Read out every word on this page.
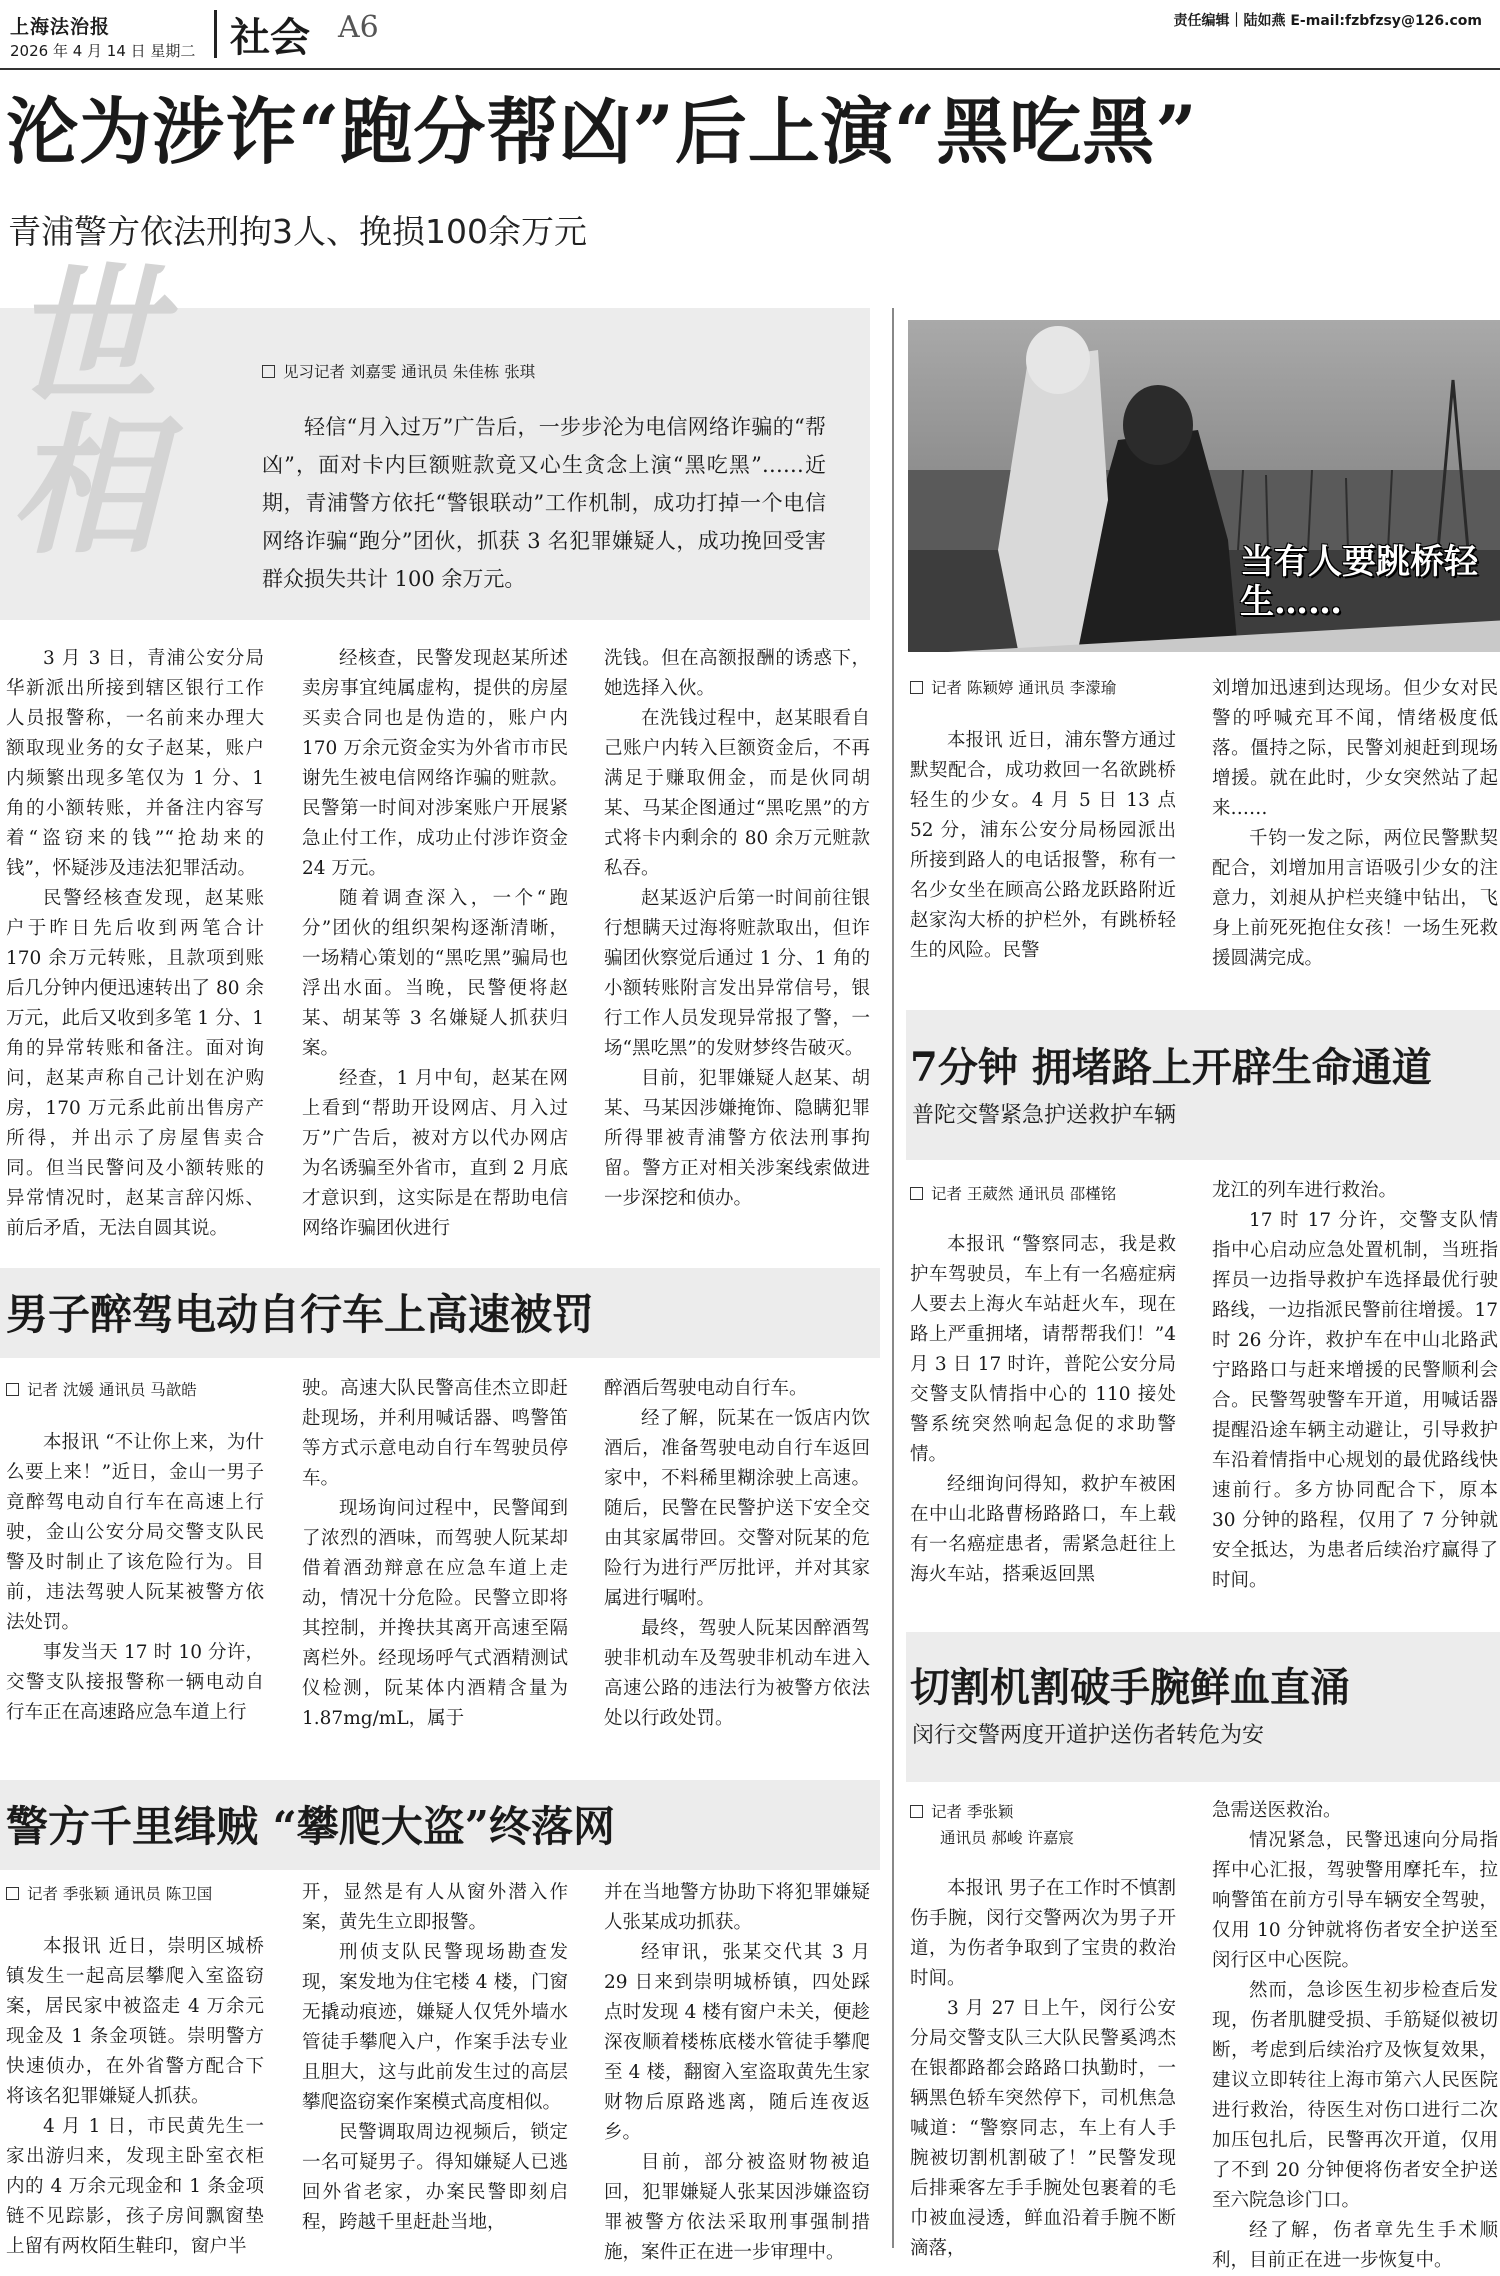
上海法治报
2026 年 4 月 14 日 星期二 社会 A6	责任编辑｜陆如燕 E-mail:fzbfzsy@126.com
沦为涉诈“跑分帮凶”后上演“黑吃黑”
青浦警方依法刑拘3人、挽损100余万元
世相
见习记者 刘嘉雯 通讯员 朱佳栋 张琪

轻信“月入过万”广告后，一步步沦为电信网络诈骗的“帮凶”，面对卡内巨额赃款竟又心生贪念上演“黑吃黑”……近期，青浦警方依托“警银联动”工作机制，成功打掉一个电信网络诈骗“跑分”团伙，抓获 3 名犯罪嫌疑人，成功挽回受害群众损失共计 100 余万元。

3 月 3 日，青浦公安分局华新派出所接到辖区银行工作人员报警称，一名前来办理大额取现业务的女子赵某，账户内频繁出现多笔仅为 1 分、1 角的小额转账，并备注内容写着“盗窃来的钱”“抢劫来的钱”，怀疑涉及违法犯罪活动。

民警经核查发现，赵某账户于昨日先后收到两笔合计 170 余万元转账，且款项到账后几分钟内便迅速转出了 80 余万元，此后又收到多笔 1 分、1 角的异常转账和备注。面对询问，赵某声称自己计划在沪购房，170 万元系此前出售房产所得，并出示了房屋售卖合同。但当民警问及小额转账的异常情况时，赵某言辞闪烁、前后矛盾，无法自圆其说。

经核查，民警发现赵某所述卖房事宜纯属虚构，提供的房屋买卖合同也是伪造的，账户内 170 万余元资金实为外省市市民谢先生被电信网络诈骗的赃款。民警第一时间对涉案账户开展紧急止付工作，成功止付涉诈资金 24 万元。

随着调查深入，一个“跑分”团伙的组织架构逐渐清晰，一场精心策划的“黑吃黑”骗局也浮出水面。当晚，民警便将赵某、胡某等 3 名嫌疑人抓获归案。

经查，1 月中旬，赵某在网上看到“帮助开设网店、月入过万”广告后，被对方以代办网店为名诱骗至外省市，直到 2 月底才意识到，这实际是在帮助电信网络诈骗团伙进行

洗钱。但在高额报酬的诱惑下，她选择入伙。

在洗钱过程中，赵某眼看自己账户内转入巨额资金后，不再满足于赚取佣金，而是伙同胡某、马某企图通过“黑吃黑”的方式将卡内剩余的 80 余万元赃款私吞。

赵某返沪后第一时间前往银行想瞒天过海将赃款取出，但诈骗团伙察觉后通过 1 分、1 角的小额转账附言发出异常信号，银行工作人员发现异常报了警，一场“黑吃黑”的发财梦终告破灭。

目前，犯罪嫌疑人赵某、胡某、马某因涉嫌掩饰、隐瞒犯罪所得罪被青浦警方依法刑事拘留。警方正对相关涉案线索做进一步深挖和侦办。

当有人要跳桥轻生……
记者 陈颖婷 通讯员 李濛瑜

本报讯 近日，浦东警方通过默契配合，成功救回一名欲跳桥轻生的少女。4 月 5 日 13 点 52 分，浦东公安分局杨园派出所接到路人的电话报警，称有一名少女坐在顾高公路龙跃路附近赵家沟大桥的护栏外，有跳桥轻生的风险。民警

刘增加迅速到达现场。但少女对民警的呼喊充耳不闻，情绪极度低落。僵持之际，民警刘昶赶到现场增援。就在此时，少女突然站了起来……

千钧一发之际，两位民警默契配合，刘增加用言语吸引少女的注意力，刘昶从护栏夹缝中钻出，飞身上前死死抱住女孩！一场生死救援圆满完成。

7分钟 拥堵路上开辟生命通道
普陀交警紧急护送救护车辆
记者 王葳然 通讯员 邵槿铭

本报讯 “警察同志，我是救护车驾驶员，车上有一名癌症病人要去上海火车站赶火车，现在路上严重拥堵，请帮帮我们！”4 月 3 日 17 时许，普陀公安分局交警支队情指中心的 110 接处警系统突然响起急促的求助警情。

经细询问得知，救护车被困在中山北路曹杨路路口，车上载有一名癌症患者，需紧急赶往上海火车站，搭乘返回黑

龙江的列车进行救治。

17 时 17 分许，交警支队情指中心启动应急处置机制，当班指挥员一边指导救护车选择最优行驶路线，一边指派民警前往增援。17 时 26 分许，救护车在中山北路武宁路路口与赶来增援的民警顺利会合。民警驾驶警车开道，用喊话器提醒沿途车辆主动避让，引导救护车沿着情指中心规划的最优路线快速前行。多方协同配合下，原本 30 分钟的路程，仅用了 7 分钟就安全抵达，为患者后续治疗赢得了时间。

切割机割破手腕鲜血直涌
闵行交警两度开道护送伤者转危为安
记者 季张颖
通讯员 郝峻 许嘉宸

本报讯 男子在工作时不慎割伤手腕，闵行交警两次为男子开道，为伤者争取到了宝贵的救治时间。

3 月 27 日上午，闵行公安分局交警支队三大队民警奚鸿杰在银都路都会路路口执勤时，一辆黑色轿车突然停下，司机焦急喊道：“警察同志，车上有人手腕被切割机割破了！”民警发现后排乘客左手手腕处包裹着的毛巾被血浸透，鲜血沿着手腕不断滴落，

急需送医救治。

情况紧急，民警迅速向分局指挥中心汇报，驾驶警用摩托车，拉响警笛在前方引导车辆安全驾驶，仅用 10 分钟就将伤者安全护送至闵行区中心医院。

然而，急诊医生初步检查后发现，伤者肌腱受损、手筋疑似被切断，考虑到后续治疗及恢复效果，建议立即转往上海市第六人民医院进行救治，待医生对伤口进行二次加压包扎后，民警再次开道，仅用了不到 20 分钟便将伤者安全护送至六院急诊门口。

经了解，伤者章先生手术顺利，目前正在进一步恢复中。

男子醉驾电动自行车上高速被罚
记者 沈媛 通讯员 马歆皓

本报讯 “不让你上来，为什么要上来！”近日，金山一男子竟醉驾电动自行车在高速上行驶，金山公安分局交警支队民警及时制止了该危险行为。目前，违法驾驶人阮某被警方依法处罚。

事发当天 17 时 10 分许，交警支队接报警称一辆电动自行车正在高速路应急车道上行

驶。高速大队民警高佳杰立即赶赴现场，并利用喊话器、鸣警笛等方式示意电动自行车驾驶员停车。

现场询问过程中，民警闻到了浓烈的酒味，而驾驶人阮某却借着酒劲辩意在应急车道上走动，情况十分危险。民警立即将其控制，并搀扶其离开高速至隔离栏外。经现场呼气式酒精测试仪检测，阮某体内酒精含量为 1.87mg/mL，属于

醉酒后驾驶电动自行车。

经了解，阮某在一饭店内饮酒后，准备驾驶电动自行车返回家中，不料稀里糊涂驶上高速。随后，民警在民警护送下安全交由其家属带回。交警对阮某的危险行为进行严厉批评，并对其家属进行嘱咐。

最终，驾驶人阮某因醉酒驾驶非机动车及驾驶非机动车进入高速公路的违法行为被警方依法处以行政处罚。

警方千里缉贼 “攀爬大盗”终落网
记者 季张颖 通讯员 陈卫国

本报讯 近日，崇明区城桥镇发生一起高层攀爬入室盗窃案，居民家中被盗走 4 万余元现金及 1 条金项链。崇明警方快速侦办，在外省警方配合下将该名犯罪嫌疑人抓获。

4 月 1 日，市民黄先生一家出游归来，发现主卧室衣柜内的 4 万余元现金和 1 条金项链不见踪影，孩子房间飘窗垫上留有两枚陌生鞋印，窗户半

开，显然是有人从窗外潜入作案，黄先生立即报警。

刑侦支队民警现场勘查发现，案发地为住宅楼 4 楼，门窗无撬动痕迹，嫌疑人仅凭外墙水管徒手攀爬入户，作案手法专业且胆大，这与此前发生过的高层攀爬盗窃案作案模式高度相似。

民警调取周边视频后，锁定一名可疑男子。得知嫌疑人已逃回外省老家，办案民警即刻启程，跨越千里赶赴当地，

并在当地警方协助下将犯罪嫌疑人张某成功抓获。

经审讯，张某交代其 3 月 29 日来到崇明城桥镇，四处踩点时发现 4 楼有窗户未关，便趁深夜顺着楼栋底楼水管徒手攀爬至 4 楼，翻窗入室盗取黄先生家财物后原路逃离，随后连夜返乡。

目前，部分被盗财物被追回，犯罪嫌疑人张某因涉嫌盗窃罪被警方依法采取刑事强制措施，案件正在进一步审理中。
